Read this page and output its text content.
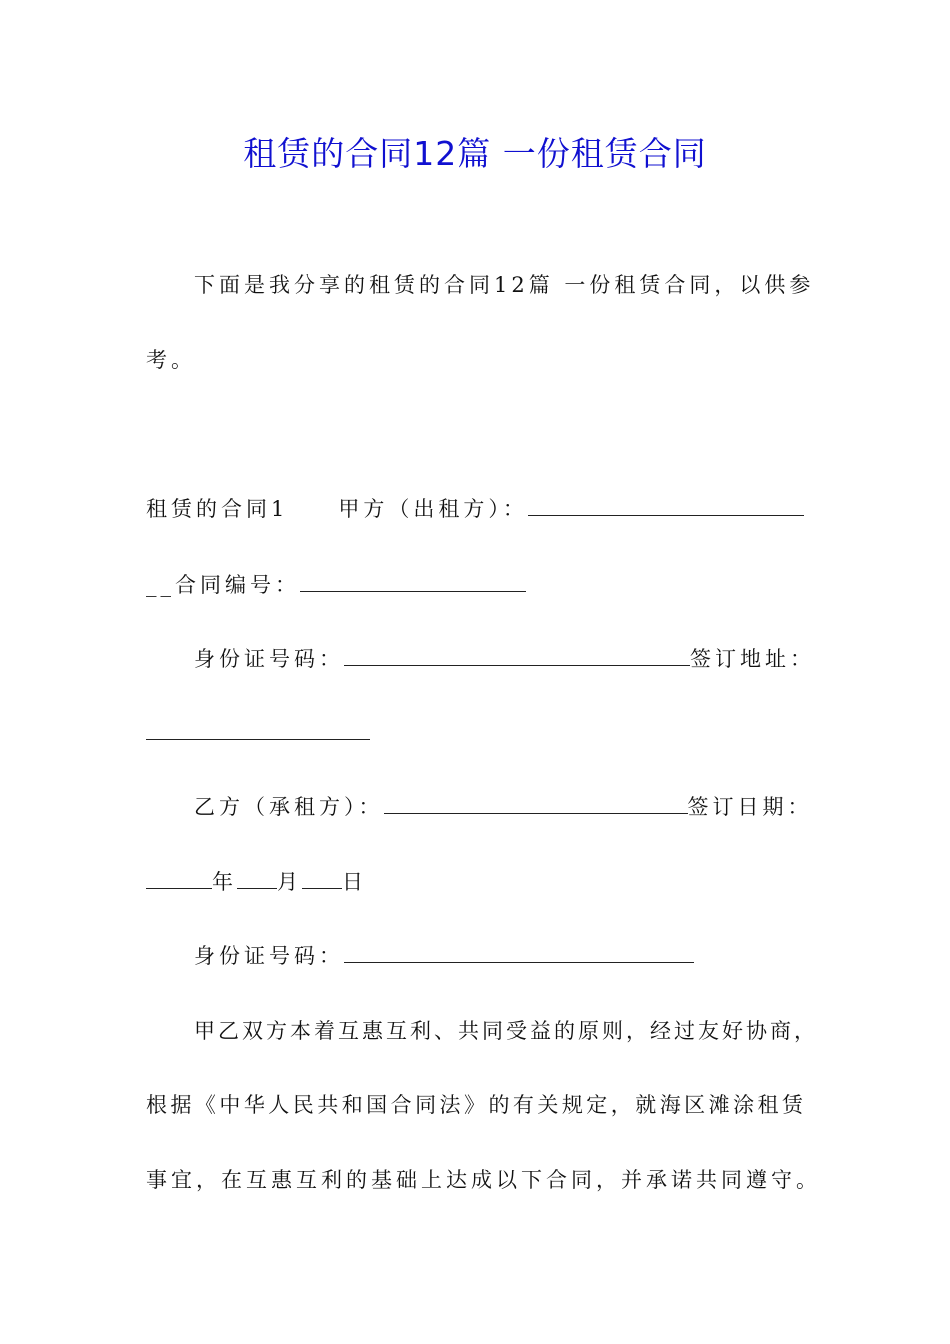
租赁的合同12篇 一份租赁合同
下面是我分享的租赁的合同12篇 一份租赁合同，以供参
考。
租赁的合同1 甲方（出租方）：
__合同编号：
身份证号码：	签订地址：
乙方（承租方）：	签订日期：
年 月 日
身份证号码：
甲乙双方本着互惠互利、共同受益的原则，经过友好协商，
根据《中华人民共和国合同法》的有关规定，就海区滩涂租赁
事宜，在互惠互利的基础上达成以下合同，并承诺共同遵守。
